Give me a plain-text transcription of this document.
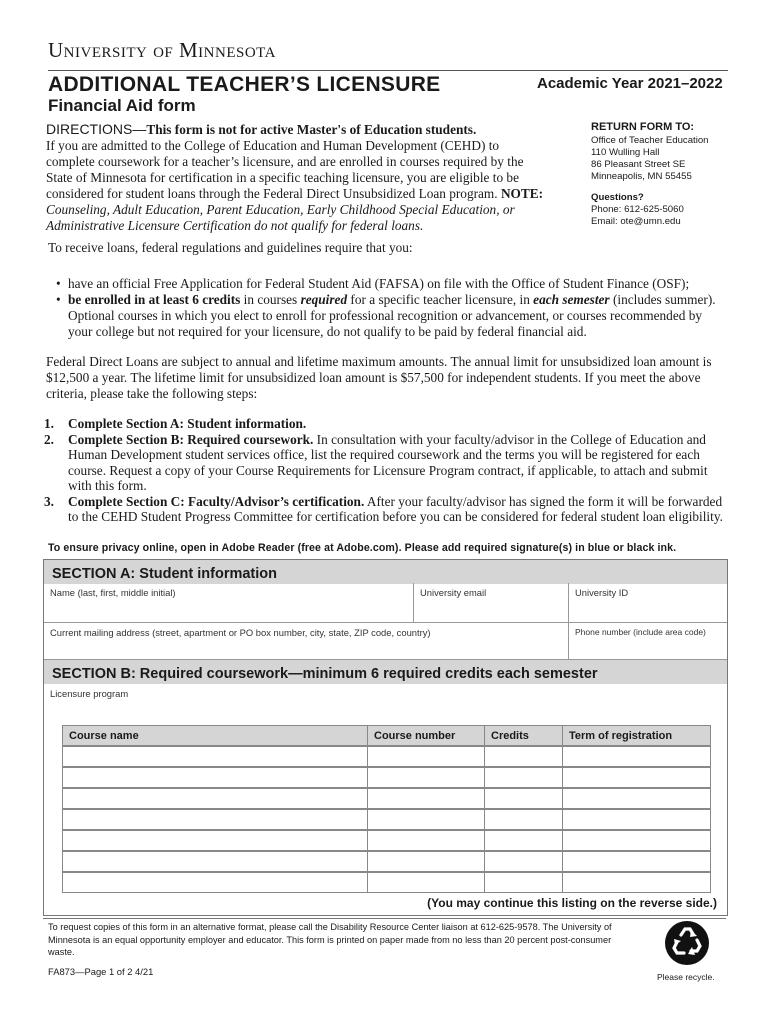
University of Minnesota
ADDITIONAL TEACHER’S LICENSURE	Academic Year 2021–2022
Financial Aid form
DIRECTIONS—This form is not for active Master's of Education students.
If you are admitted to the College of Education and Human Development (CEHD) to complete coursework for a teacher’s licensure, and are enrolled in courses required by the State of Minnesota for certification in a specific teaching licensure, you are eligible to be considered for student loans through the Federal Direct Unsubsidized Loan program. NOTE: Counseling, Adult Education, Parent Education, Early Childhood Special Education, or Administrative Licensure Certification do not qualify for federal loans.
RETURN FORM TO:
Office of Teacher Education
110 Wulling Hall
86 Pleasant Street SE
Minneapolis, MN 55455
Questions?
Phone: 612-625-5060
Email: ote@umn.edu
To receive loans, federal regulations and guidelines require that you:
• have an official Free Application for Federal Student Aid (FAFSA) on file with the Office of Student Finance (OSF);
• be enrolled in at least 6 credits in courses required for a specific teacher licensure, in each semester (includes summer). Optional courses in which you elect to enroll for professional recognition or advancement, or courses recommended by your college but not required for your licensure, do not qualify to be paid by federal financial aid.
Federal Direct Loans are subject to annual and lifetime maximum amounts. The annual limit for unsubsidized loan amount is $12,500 a year. The lifetime limit for unsubsidized loan amount is $57,500 for independent students. If you meet the above criteria, please take the following steps:
1. Complete Section A: Student information.
2. Complete Section B: Required coursework. In consultation with your faculty/advisor in the College of Education and Human Development student services office, list the required coursework and the terms you will be registered for each course. Request a copy of your Course Requirements for Licensure Program contract, if applicable, to attach and submit with this form.
3. Complete Section C: Faculty/Advisor’s certification. After your faculty/advisor has signed the form it will be forwarded to the CEHD Student Progress Committee for certification before you can be considered for federal student loan eligibility.
To ensure privacy online, open in Adobe Reader (free at Adobe.com). Please add required signature(s) in blue or black ink.
SECTION A: Student information
Name (last, first, middle initial)	University email	University ID
Current mailing address (street, apartment or PO box number, city, state, ZIP code, country)	Phone number (include area code)
SECTION B: Required coursework—minimum 6 required credits each semester
Licensure program
Course name	Course number	Credits	Term of registration
(You may continue this listing on the reverse side.)
To request copies of this form in an alternative format, please call the Disability Resource Center liaison at 612-625-9578. The University of Minnesota is an equal opportunity employer and educator. This form is printed on paper made from no less than 20 percent post-consumer waste.
FA873—Page 1 of 2 4/21	Please recycle.
